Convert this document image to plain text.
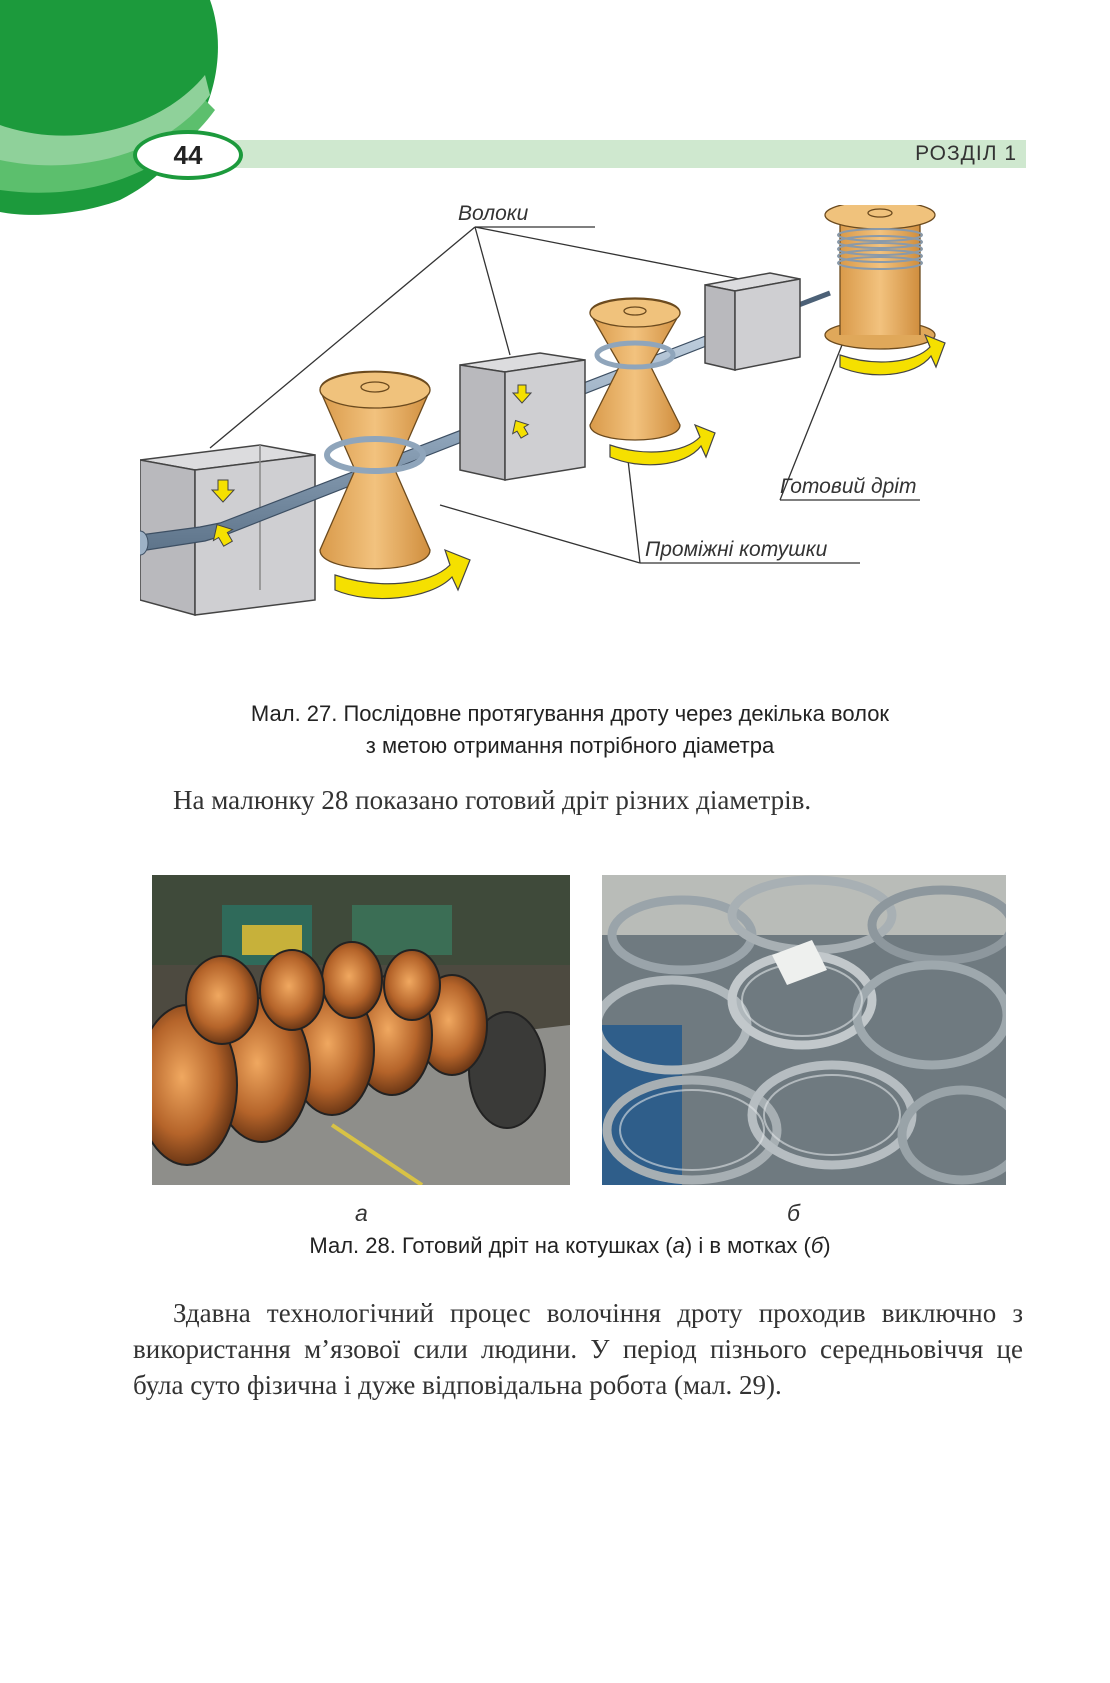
44	РОЗДІЛ 1
Волоки
Готовий дріт
Проміжні котушки
Мал. 27. Послідовне протягування дроту через декілька волок
з метою отримання потрібного діаметра
На малюнку 28 показано готовий дріт різних діаметрів.
а	б
Мал. 28. Готовий дріт на котушках (а) і в мотках (б)
Здавна технологічний процес волочіння дроту проходив виключно з використання м’язової сили людини. У період пізнього середньовіччя це була суто фізична і дуже відповідальна робота (мал. 29).
